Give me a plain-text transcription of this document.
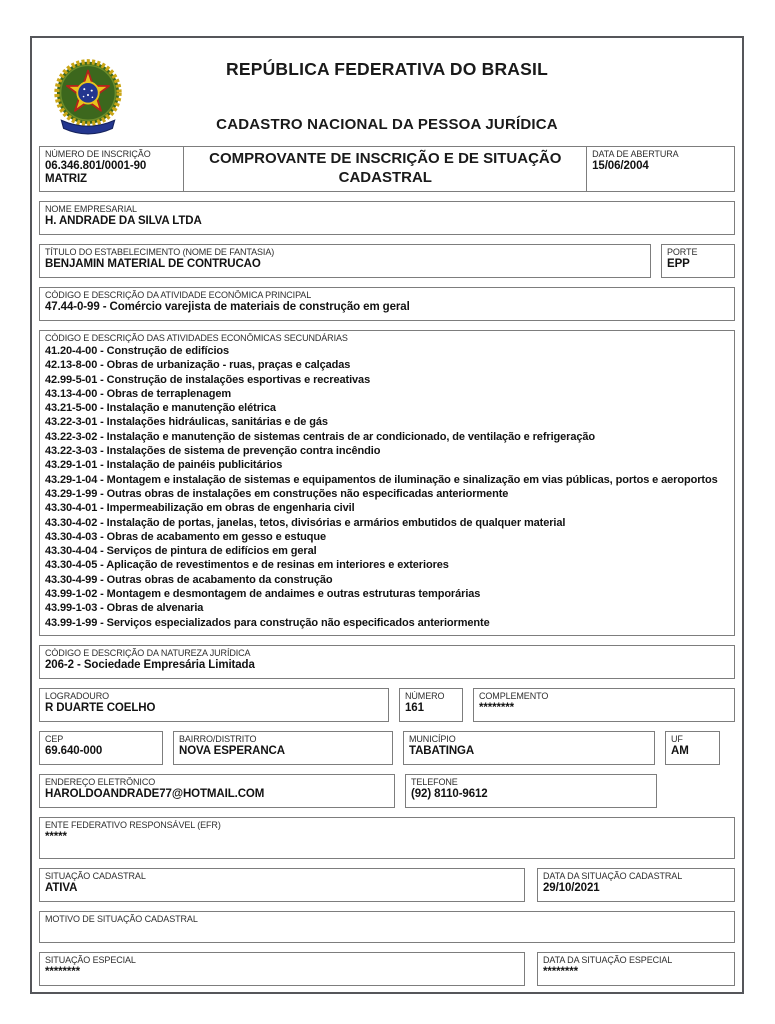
REPÚBLICA FEDERATIVA DO BRASIL
CADASTRO NACIONAL DA PESSOA JURÍDICA
NÚMERO DE INSCRIÇÃO
06.346.801/0001-90
MATRIZ
COMPROVANTE DE INSCRIÇÃO E DE SITUAÇÃO CADASTRAL
DATA DE ABERTURA
15/06/2004
NOME EMPRESARIAL
H. ANDRADE DA SILVA LTDA
TÍTULO DO ESTABELECIMENTO (NOME DE FANTASIA)
BENJAMIN MATERIAL DE CONTRUCAO
PORTE
EPP
CÓDIGO E DESCRIÇÃO DA ATIVIDADE ECONÔMICA PRINCIPAL
47.44-0-99 - Comércio varejista de materiais de construção em geral
CÓDIGO E DESCRIÇÃO DAS ATIVIDADES ECONÔMICAS SECUNDÁRIAS
41.20-4-00 - Construção de edifícios
42.13-8-00 - Obras de urbanização - ruas, praças e calçadas
42.99-5-01 - Construção de instalações esportivas e recreativas
43.13-4-00 - Obras de terraplenagem
43.21-5-00 - Instalação e manutenção elétrica
43.22-3-01 - Instalações hidráulicas, sanitárias e de gás
43.22-3-02 - Instalação e manutenção de sistemas centrais de ar condicionado, de ventilação e refrigeração
43.22-3-03 - Instalações de sistema de prevenção contra incêndio
43.29-1-01 - Instalação de painéis publicitários
43.29-1-04 - Montagem e instalação de sistemas e equipamentos de iluminação e sinalização em vias públicas, portos e aeroportos
43.29-1-99 - Outras obras de instalações em construções não especificadas anteriormente
43.30-4-01 - Impermeabilização em obras de engenharia civil
43.30-4-02 - Instalação de portas, janelas, tetos, divisórias e armários embutidos de qualquer material
43.30-4-03 - Obras de acabamento em gesso e estuque
43.30-4-04 - Serviços de pintura de edifícios em geral
43.30-4-05 - Aplicação de revestimentos e de resinas em interiores e exteriores
43.30-4-99 - Outras obras de acabamento da construção
43.99-1-02 - Montagem e desmontagem de andaimes e outras estruturas temporárias
43.99-1-03 - Obras de alvenaria
43.99-1-99 - Serviços especializados para construção não especificados anteriormente
CÓDIGO E DESCRIÇÃO DA NATUREZA JURÍDICA
206-2 - Sociedade Empresária Limitada
LOGRADOURO
R DUARTE COELHO
NÚMERO
161
COMPLEMENTO
********
CEP
69.640-000
BAIRRO/DISTRITO
NOVA ESPERANCA
MUNICÍPIO
TABATINGA
UF
AM
ENDEREÇO ELETRÔNICO
HAROLDOANDRADE77@HOTMAIL.COM
TELEFONE
(92) 8110-9612
ENTE FEDERATIVO RESPONSÁVEL (EFR)
*****
SITUAÇÃO CADASTRAL
ATIVA
DATA DA SITUAÇÃO CADASTRAL
29/10/2021
MOTIVO DE SITUAÇÃO CADASTRAL
SITUAÇÃO ESPECIAL
********
DATA DA SITUAÇÃO ESPECIAL
********
